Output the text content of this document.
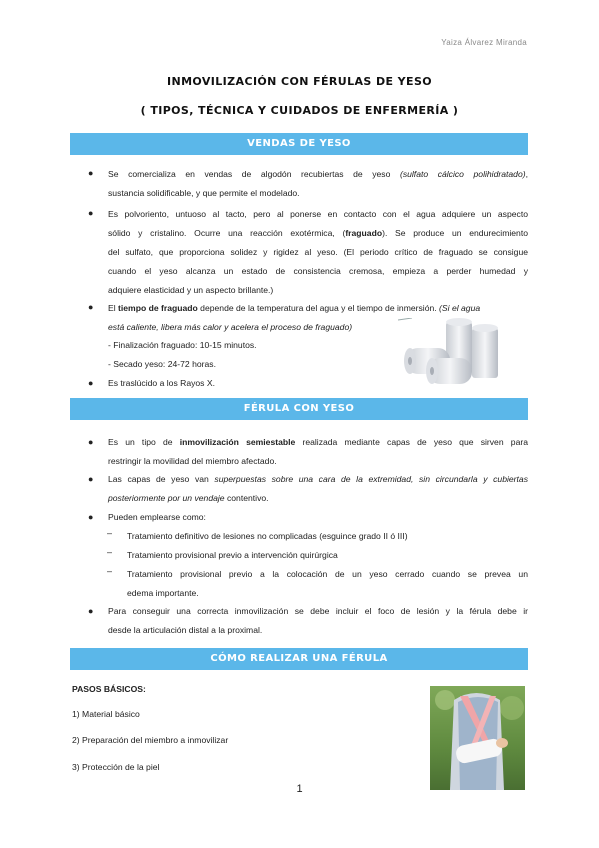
Yaiza Álvarez Miranda
INMOVILIZACIÓN CON FÉRULAS DE YESO
( TIPOS, TÉCNICA Y CUIDADOS DE ENFERMERÍA )
VENDAS DE YESO
● Se comercializa en vendas de algodón recubiertas de yeso (sulfato cálcico polihidratado),
sustancia solidificable, y que permite el modelado.
● Es polvoriento, untuoso al tacto, pero al ponerse en contacto con el agua adquiere un aspecto
sólido y cristalino. Ocurre una reacción exotérmica, (fraguado). Se produce un endurecimiento
del sulfato, que proporciona solidez y rigidez al yeso. (El periodo crítico de fraguado se consigue
cuando el yeso alcanza un estado de consistencia cremosa, empieza a perder humedad y
adquiere elasticidad y un aspecto brillante.)
● El tiempo de fraguado depende de la temperatura del agua y el tiempo de inmersión. (Si el agua
está caliente, libera más calor y acelera el proceso de fraguado)
- Finalización fraguado: 10-15 minutos.
- Secado yeso: 24-72 horas.
● Es traslúcido a los Rayos X.
FÉRULA CON YESO
● Es un tipo de inmovilización semiestable realizada mediante capas de yeso que sirven para
restringir la movilidad del miembro afectado.
● Las capas de yeso van superpuestas sobre una cara de la extremidad, sin circundarla y cubiertas
posteriormente por un vendaje contentivo.
● Pueden emplearse como:
– Tratamiento definitivo de lesiones no complicadas (esguince grado II ó III)
– Tratamiento provisional previo a intervención quirúrgica
– Tratamiento provisional previo a la colocación de un yeso cerrado cuando se prevea un
edema importante.
● Para conseguir una correcta inmovilización se debe incluir el foco de lesión y la férula debe ir
desde la articulación distal a la proximal.
CÓMO REALIZAR UNA FÉRULA
PASOS BÁSICOS:
1) Material básico
2) Preparación del miembro a inmovilizar
3) Protección de la piel
1
